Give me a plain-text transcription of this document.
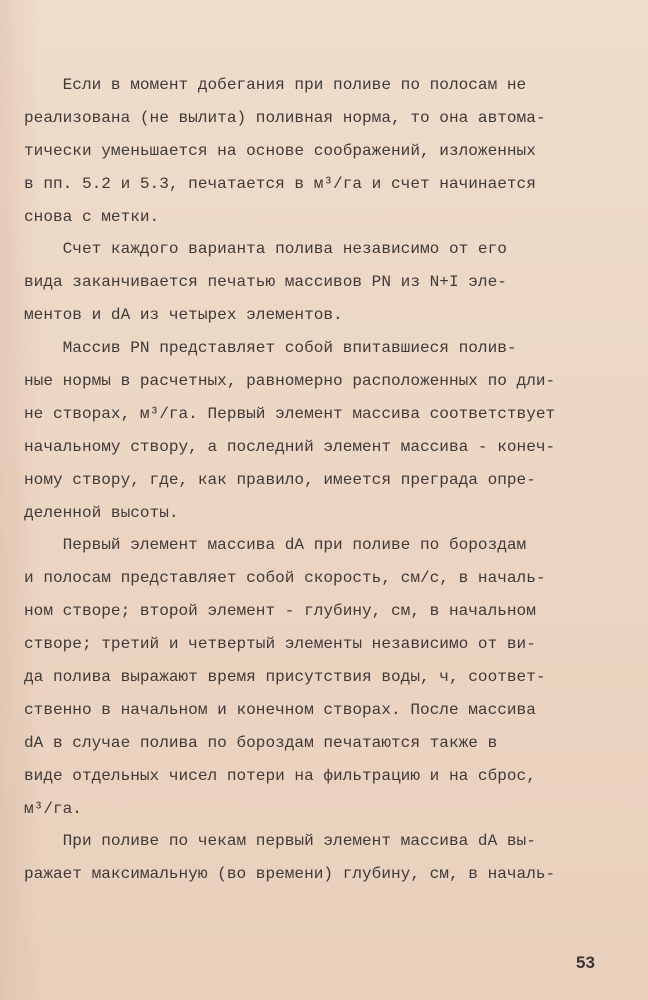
Если в момент добегания при поливе по полосам не
реализована (не вылита) поливная норма, то она автома-
тически уменьшается на основе соображений, изложенных
в пп. 5.2 и 5.3, печатается в м³/га и счет начинается
снова с метки.
Счет каждого варианта полива независимо от его
вида заканчивается печатью массивов PN из N+I эле-
ментов и dA из четырех элементов.
Массив PN представляет собой впитавшиеся полив-
ные нормы в расчетных, равномерно расположенных по дли-
не створах, м³/га. Первый элемент массива соответствует
начальному створу, а последний элемент массива - конеч-
ному створу, где, как правило, имеется преграда опре-
деленной высоты.
Первый элемент массива dA при поливе по бороздам
и полосам представляет собой скорость, см/с, в началь-
ном створе; второй элемент - глубину, см, в начальном
створе; третий и четвертый элементы независимо от ви-
да полива выражают время присутствия воды, ч, соответ-
ственно в начальном и конечном створах. После массива
dA в случае полива по бороздам печатаются также в
виде отдельных чисел потери на фильтрацию и на сброс,
м³/га.
При поливе по чекам первый элемент массива dA вы-
ражает максимальную (во времени) глубину, см, в началь-
53
